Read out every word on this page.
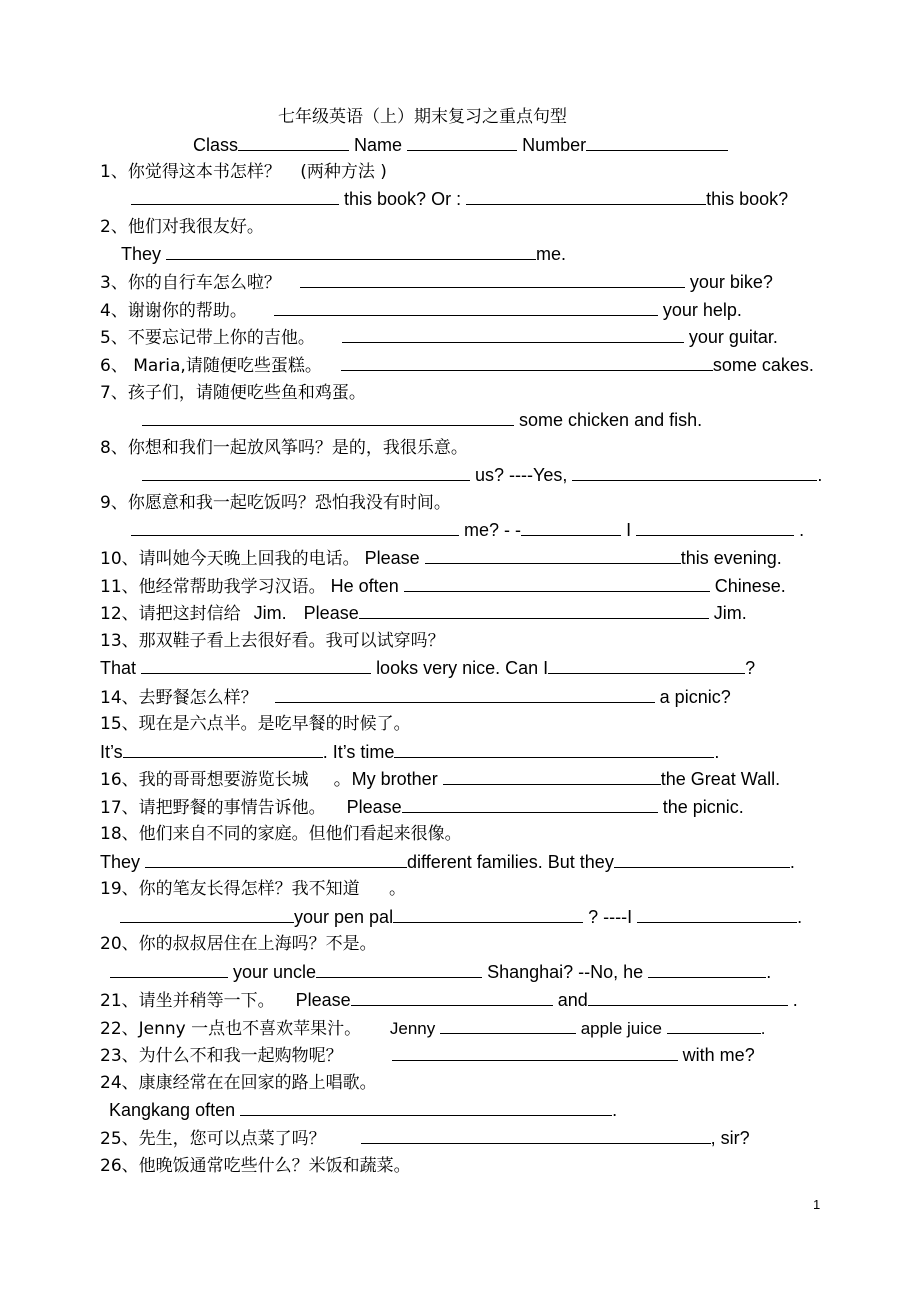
七年级英语（上）期末复习之重点句型
Class	Name	Number
1、你觉得这本书怎样？ (两种方法 )
this book? Or :	this book?
2、他们对我很友好。
They	me.
3、你的自行车怎么啦？	your bike?
4、谢谢你的帮助。	your help.
5、不要忘记带上你的吉他。	your guitar.
6、 Maria,请随便吃些蛋糕。	some cakes.
7、孩子们，请随便吃些鱼和鸡蛋。
some chicken and fish.
8、你想和我们一起放风筝吗？是的，我很乐意。
us? ----Yes,	.
9、你愿意和我一起吃饭吗？恐怕我没有时间。
me? - -	I	.
10、请叫她今天晚上回我的电话。 Please	this evening.
11、他经常帮助我学习汉语。 He often	Chinese.
12、请把这封信给 Jim. Please	Jim.
13、那双鞋子看上去很好看。我可以试穿吗？
That	looks very nice. Can I	?
14、去野餐怎么样？	a picnic?
15、现在是六点半。是吃早餐的时候了。
It’s	. It’s time	.
16、我的哥哥想要游览长城 。My brother	the Great Wall.
17、请把野餐的事情告诉他。 Please	the picnic.
18、他们来自不同的家庭。但他们看起来很像。
They	different families. But they	.
19、你的笔友长得怎样？我不知道 。
your pen pal	? ----I	.
20、你的叔叔居住在上海吗？不是。
your uncle	Shanghai? --No, he	.
21、请坐并稍等一下。 Please	and	.
22、Jenny 一点也不喜欢苹果汁。 Jenny	apple juice	.
23、为什么不和我一起购物呢？	with me?
24、康康经常在在回家的路上唱歌。
Kangkang often	.
25、先生，您可以点菜了吗？	, sir?
26、他晚饭通常吃些什么？米饭和蔬菜。
1
